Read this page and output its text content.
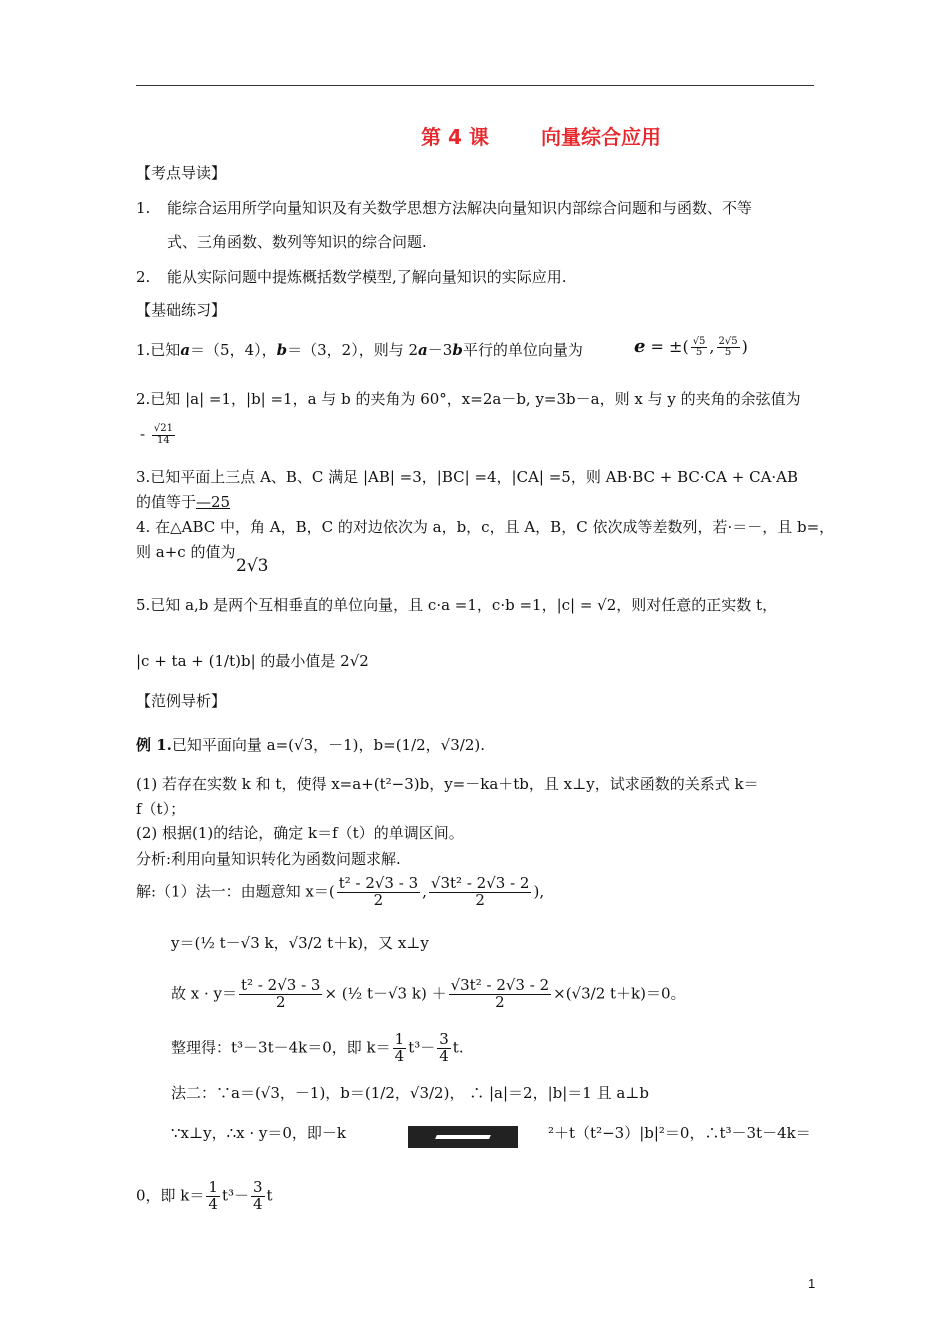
第 4 课	向量综合应用
【考点导读】
1. 能综合运用所学向量知识及有关数学思想方法解决向量知识内部综合问题和与函数、不等
式、三角函数、数列等知识的综合问题.
2. 能从实际问题中提炼概括数学模型,了解向量知识的实际应用.
【基础练习】
1.已知a＝（5，4），b＝（3，2），则与 2a－3b平行的单位向量为	e = ±( $\frac{√5}{5}$ , $\frac{2√5}{5}$ )
2.已知 |a| =1，|b| =1，a 与 b 的夹角为 60°，x=2a－b, y=3b－a，则 x 与 y 的夹角的余弦值为
- $\frac{√21}{14}$
3.已知平面上三点 A、B、C 满足 |AB| =3，|BC| =4，|CA| =5，则 AB·BC + BC·CA + CA·AB
的值等于—25
4. 在△ABC 中，角 A，B，C 的对边依次为 a，b，c，且 A，B，C 依次成等差数列，若·＝－，且 b=，
则 a+c 的值为
2√3
5.已知 a,b 是两个互相垂直的单位向量，且 c·a =1，c·b =1，|c| = √2，则对任意的正实数 t，
|c + ta + (1/t)b| 的最小值是 2√2
【范例导析】
例 1.已知平面向量 a=(√3，－1)，b=(1/2，√3/2).
(1) 若存在实数 k 和 t，使得 x=a+(t²−3)b，y=－ka＋tb，且 x⊥y，试求函数的关系式 k＝
f（t）；
(2) 根据(1)的结论，确定 k＝f（t）的单调区间。
分析:利用向量知识转化为函数问题求解.
解:（1）法一：由题意知 $x=( \frac{\text{t² - 2√3 - 3}}{2}$ , $\frac{\text{√3t² - 2√3 - 2}}{2}$ ),
y＝(½ t－√3 k，√3/2 t＋k)，又 x⊥y
故 $x \cdot y= \frac{\text{t² - 2√3 - 3}}{2}$ × (½ t－√3 $k) + \frac{\text{√3t² - 2√3 - 2}}{2} \times(√3/2$ t＋k)＝0。
整理得：t³－3t－4k＝0，即 $k= \frac{1}{4} t^3- \frac{3}{4} t$.
法二：∵a＝(√3，－1)，b＝(1/2，√3/2)， ∴ |a|＝2，|b|＝1 且 a⊥b
∵x⊥y，∴x · y＝0，即－k	²＋t（t²−3）|b|²＝0，∴t³－3t－4k＝
0，即 $k= \frac{1}{4} t^3- \frac{3}{4}$ t
1
